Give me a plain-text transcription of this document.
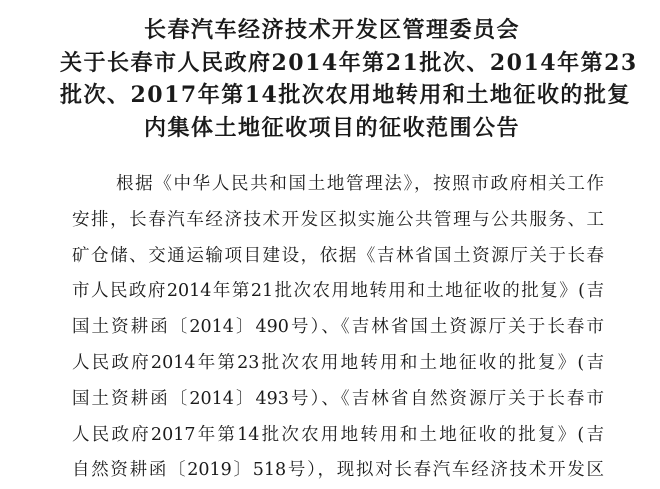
长春汽车经济技术开发区管理委员会
关于长春市人民政府2014年第21批次、2014年第23
批次、2017年第14批次农用地转用和土地征收的批复
内集体土地征收项目的征收范围公告
根据《中华人民共和国土地管理法》，按照市政府相关工作
安排，长春汽车经济技术开发区拟实施公共管理与公共服务、工
矿仓储、交通运输项目建设，依据《吉林省国土资源厅关于长春
市人民政府2014年第21批次农用地转用和土地征收的批复》(吉
国土资耕函〔2014〕490号）、《吉林省国土资源厅关于长春市
人民政府2014年第23批次农用地转用和土地征收的批复》(吉
国土资耕函〔2014〕493号）、《吉林省自然资源厅关于长春市
人民政府2017年第14批次农用地转用和土地征收的批复》(吉
自然资耕函〔2019〕518号），现拟对长春汽车经济技术开发区
